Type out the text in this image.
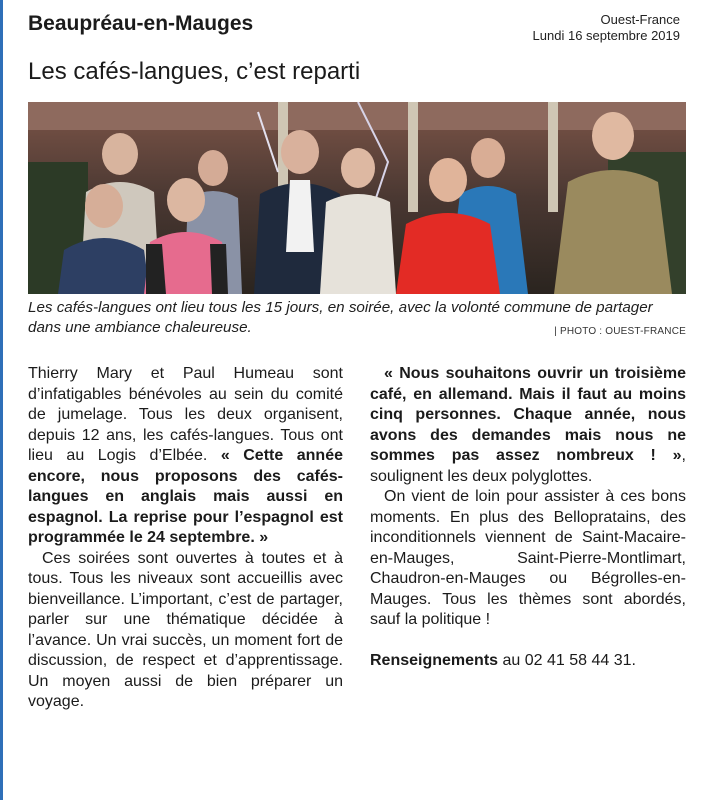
Beaupréau-en-Mauges	Ouest-France
Lundi 16 septembre 2019
Les cafés-langues, c’est reparti
Les cafés-langues ont lieu tous les 15 jours, en soirée, avec la volonté commune de partager dans une ambiance chaleureuse.	| PHOTO : OUEST-FRANCE

Thierry Mary et Paul Humeau sont d’infatigables bénévoles au sein du comité de jumelage. Tous les deux organisent, depuis 12 ans, les cafés-langues. Tous ont lieu au Logis d’Elbée. « Cette année encore, nous proposons des cafés-langues en anglais mais aussi en espagnol. La reprise pour l’espagnol est programmée le 24 septembre. »

Ces soirées sont ouvertes à toutes et à tous. Tous les niveaux sont accueillis avec bienveillance. L’important, c’est de partager, parler sur une thématique décidée à l’avance. Un vrai succès, un moment fort de discussion, de respect et d’apprentissage. Un moyen aussi de bien préparer un voyage.

« Nous souhaitons ouvrir un troisième café, en allemand. Mais il faut au moins cinq personnes. Chaque année, nous avons des demandes mais nous ne sommes pas assez nombreux ! », soulignent les deux polyglottes.

On vient de loin pour assister à ces bons moments. En plus des Bellopratains, des inconditionnels viennent de Saint-Macaire-en-Mauges, Saint-Pierre-Montlimart, Chaudron-en-Mauges ou Bégrolles-en-Mauges. Tous les thèmes sont abordés, sauf la politique !

Renseignements au 02 41 58 44 31.
